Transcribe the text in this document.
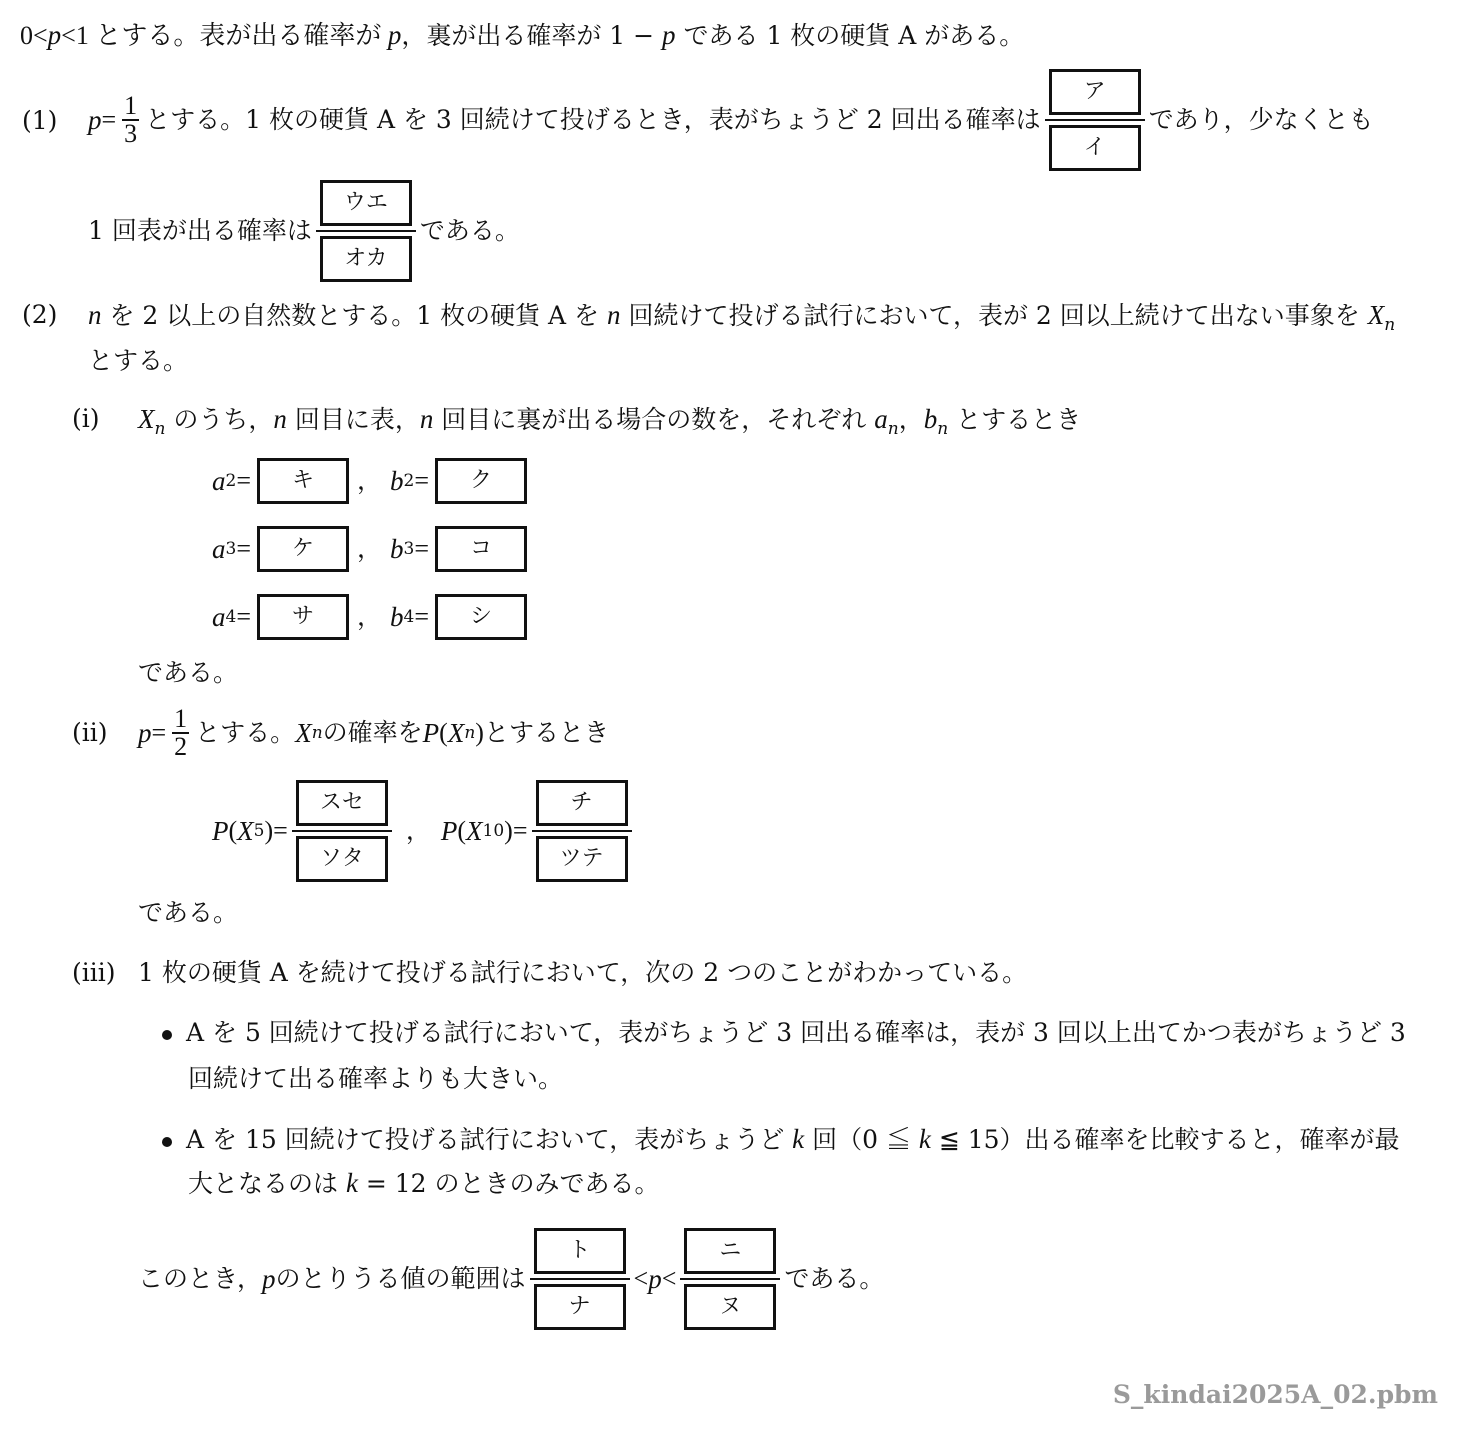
0<p<1 とする。表が出る確率が p，裏が出る確率が 1 − p である 1 枚の硬貨 A がある。
(1) $p = \frac{1}{3}$ とする。1 枚の硬貨 A を 3 回続けて投げるとき，表がちょうど 2 回出る確率は
ア
イ
であり，少なくとも
1 回表が出る確率は
ウエ
オカ
である。
(2) n を 2 以上の自然数とする。1 枚の硬貨 A を n 回続けて投げる試行において，表が 2 回以上続けて出ない事象を $X_n$
とする。
(i) $X_n$ のうち，n 回目に表，n 回目に裏が出る場合の数を，それぞれ $a_n$，$b_n$ とするとき
a 2 =	キ	， b 2 =	ク
a 3 =	ケ	， b 3 =	コ
a 4 =	サ	， b 4 =	シ
である。
(ii) $p = \frac{1}{2}$ とする。 X n の確率を P ( X n ) とするとき
P ( X 5 ) =
スセ
ソタ
， P ( X 10 ) =
チ
ツテ
である。
(iii) 1 枚の硬貨 A を続けて投げる試行において，次の 2 つのことがわかっている。
A を 5 回続けて投げる試行において，表がちょうど 3 回出る確率は，表が 3 回以上出てかつ表がちょうど 3
回続けて出る確率よりも大きい。
A を 15 回続けて投げる試行において，表がちょうど k 回（0 ≦ k ≦ 15）出る確率を比較すると，確率が最
大となるのは k = 12 のときのみである。
このとき， p のとりうる値の範囲は
ト
ナ
< p <
ニ
ヌ
である。
S_kindai2025A_02.pbm
